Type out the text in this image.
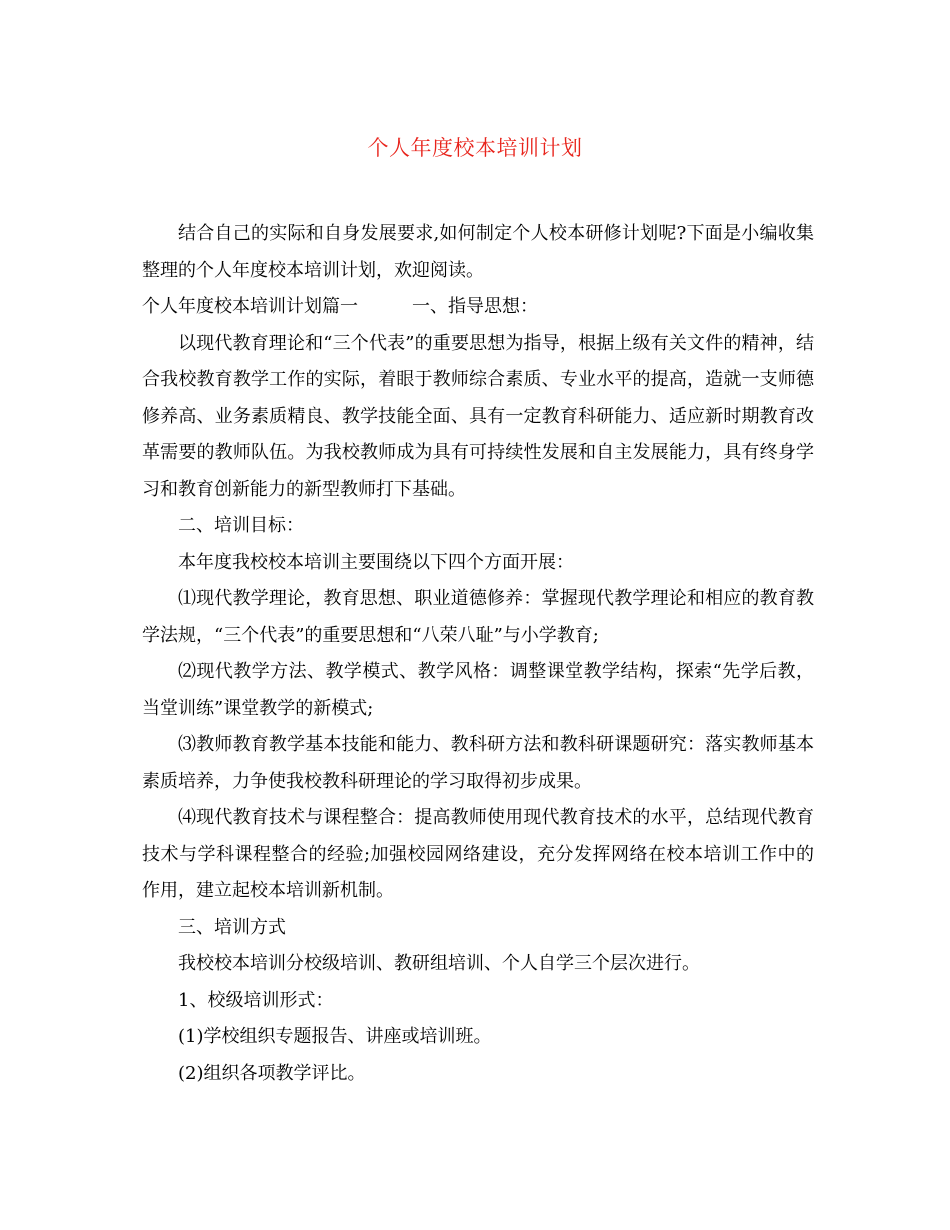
个人年度校本培训计划

结合自己的实际和自身发展要求,如何制定个人校本研修计划呢?下面是小编收集整理的个人年度校本培训计划，欢迎阅读。

个人年度校本培训计划篇一	一、指导思想：

以现代教育理论和“三个代表”的重要思想为指导，根据上级有关文件的精神，结合我校教育教学工作的实际，着眼于教师综合素质、专业水平的提高，造就一支师德修养高、业务素质精良、教学技能全面、具有一定教育科研能力、适应新时期教育改革需要的教师队伍。为我校教师成为具有可持续性发展和自主发展能力，具有终身学习和教育创新能力的新型教师打下基础。

二、培训目标：

本年度我校校本培训主要围绕以下四个方面开展：

⑴现代教学理论，教育思想、职业道德修养：掌握现代教学理论和相应的教育教学法规，“三个代表”的重要思想和“八荣八耻”与小学教育;

⑵现代教学方法、教学模式、教学风格：调整课堂教学结构，探索“先学后教，当堂训练”课堂教学的新模式;

⑶教师教育教学基本技能和能力、教科研方法和教科研课题研究：落实教师基本素质培养，力争使我校教科研理论的学习取得初步成果。

⑷现代教育技术与课程整合：提高教师使用现代教育技术的水平，总结现代教育技术与学科课程整合的经验;加强校园网络建设，充分发挥网络在校本培训工作中的作用，建立起校本培训新机制。

三、培训方式

我校校本培训分校级培训、教研组培训、个人自学三个层次进行。

1、校级培训形式：

(1)学校组织专题报告、讲座或培训班。

(2)组织各项教学评比。
